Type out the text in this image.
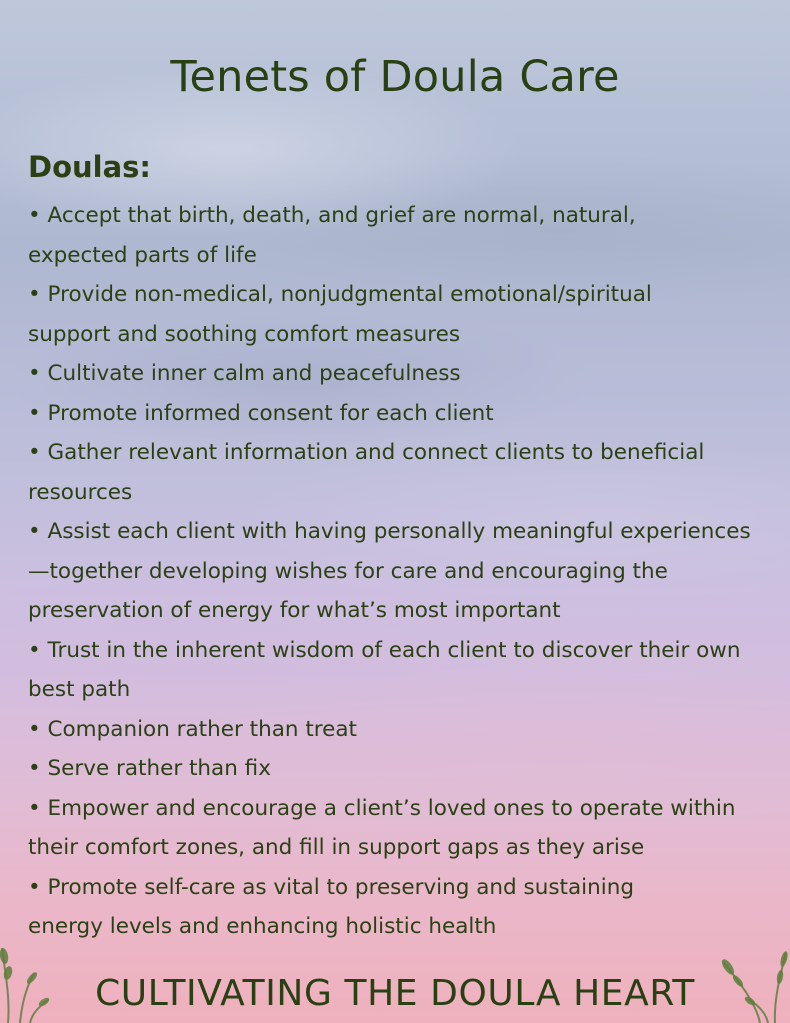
Tenets of Doula Care
Doulas:
• Accept that birth, death, and grief are normal, natural,
expected parts of life
• Provide non-medical, nonjudgmental emotional/spiritual
support and soothing comfort measures
• Cultivate inner calm and peacefulness
• Promote informed consent for each client
• Gather relevant information and connect clients to beneficial
resources
• Assist each client with having personally meaningful experiences
—together developing wishes for care and encouraging the
preservation of energy for what’s most important
• Trust in the inherent wisdom of each client to discover their own
best path
• Companion rather than treat
• Serve rather than fix
• Empower and encourage a client’s loved ones to operate within
their comfort zones, and fill in support gaps as they arise
• Promote self-care as vital to preserving and sustaining
energy levels and enhancing holistic health

CULTIVATING THE DOULA HEART
